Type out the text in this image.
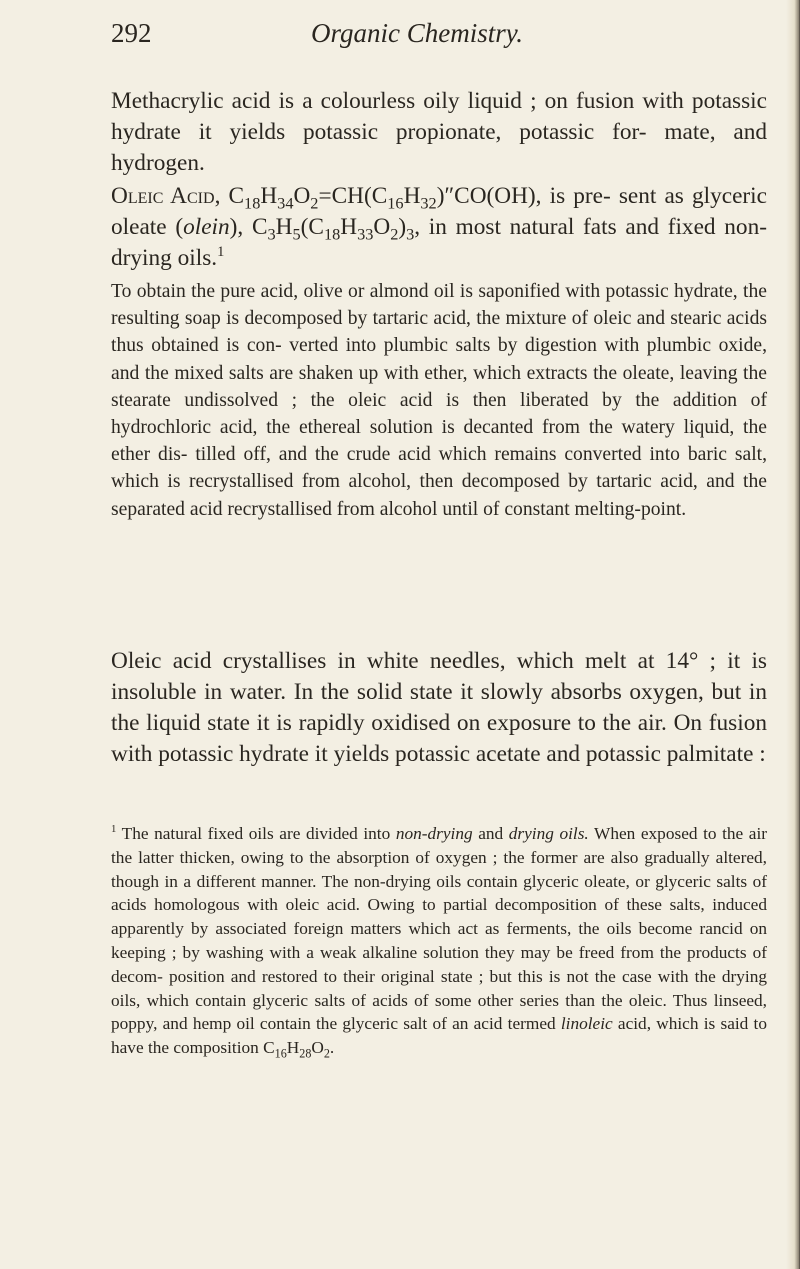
292	Organic Chemistry.

Methacrylic acid is a colourless oily liquid ; on fusion with potassic hydrate it yields potassic propionate, potassic for- mate, and hydrogen.

Oleic Acid, $C_{18}H_{34}O_2=CH(C_{16}H_{32})''CO(OH)$, is pre- sent as glyceric oleate (olein), $C_3H_5(C_{18}H_{33}O_2)_3$, in most natural fats and fixed non-drying oils.$^1$

To obtain the pure acid, olive or almond oil is saponified with potassic hydrate, the resulting soap is decomposed by tartaric acid, the mixture of oleic and stearic acids thus obtained is con- verted into plumbic salts by digestion with plumbic oxide, and the mixed salts are shaken up with ether, which extracts the oleate, leaving the stearate undissolved ; the oleic acid is then liberated by the addition of hydrochloric acid, the ethereal solution is decanted from the watery liquid, the ether dis- tilled off, and the crude acid which remains converted into baric salt, which is recrystallised from alcohol, then decomposed by tartaric acid, and the separated acid recrystallised from alcohol until of constant melting-point.

Oleic acid crystallises in white needles, which melt at 14° ; it is insoluble in water. In the solid state it slowly absorbs oxygen, but in the liquid state it is rapidly oxidised on exposure to the air. On fusion with potassic hydrate it yields potassic acetate and potassic palmitate :

$^1$ The natural fixed oils are divided into non-drying and drying oils. When exposed to the air the latter thicken, owing to the absorption of oxygen ; the former are also gradually altered, though in a different manner. The non-drying oils contain glyceric oleate, or glyceric salts of acids homologous with oleic acid. Owing to partial decomposition of these salts, induced apparently by associated foreign matters which act as ferments, the oils become rancid on keeping ; by washing with a weak alkaline solution they may be freed from the products of decom- position and restored to their original state ; but this is not the case with the drying oils, which contain glyceric salts of acids of some other series than the oleic. Thus linseed, poppy, and hemp oil contain the glyceric salt of an acid termed linoleic acid, which is said to have the composition $C_{16}H_{28}O_2$.
